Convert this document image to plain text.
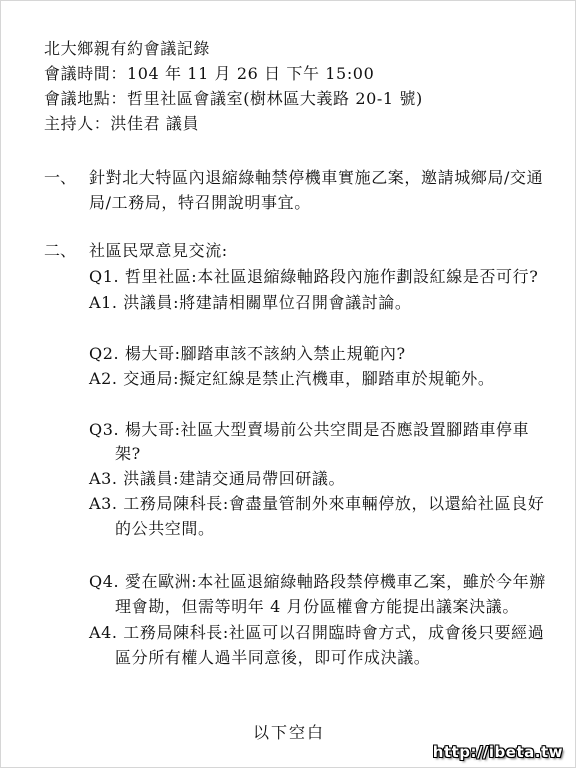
北大鄉親有約會議記錄
會議時間：104 年 11 月 26 日 下午 15:00
會議地點：哲里社區會議室(樹林區大義路 20-1 號)
主持人：洪佳君 議員
一、 針對北大特區內退縮綠軸禁停機車實施乙案，邀請城鄉局/交通
局/工務局，特召開說明事宜。
二、 社區民眾意見交流:
Q1. 哲里社區:本社區退縮綠軸路段內施作劃設紅線是否可行?
A1. 洪議員:將建請相關單位召開會議討論。
Q2. 楊大哥:腳踏車該不該納入禁止規範內?
A2. 交通局:擬定紅線是禁止汽機車，腳踏車於規範外。
Q3. 楊大哥:社區大型賣場前公共空間是否應設置腳踏車停車
架?
A3. 洪議員:建請交通局帶回研議。
A3. 工務局陳科長:會盡量管制外來車輛停放，以還給社區良好
的公共空間。
Q4. 愛在歐洲:本社區退縮綠軸路段禁停機車乙案，雖於今年辦
理會勘，但需等明年 4 月份區權會方能提出議案決議。
A4. 工務局陳科長:社區可以召開臨時會方式，成會後只要經過
區分所有權人過半同意後，即可作成決議。
以下空白
http://ibeta.tw
